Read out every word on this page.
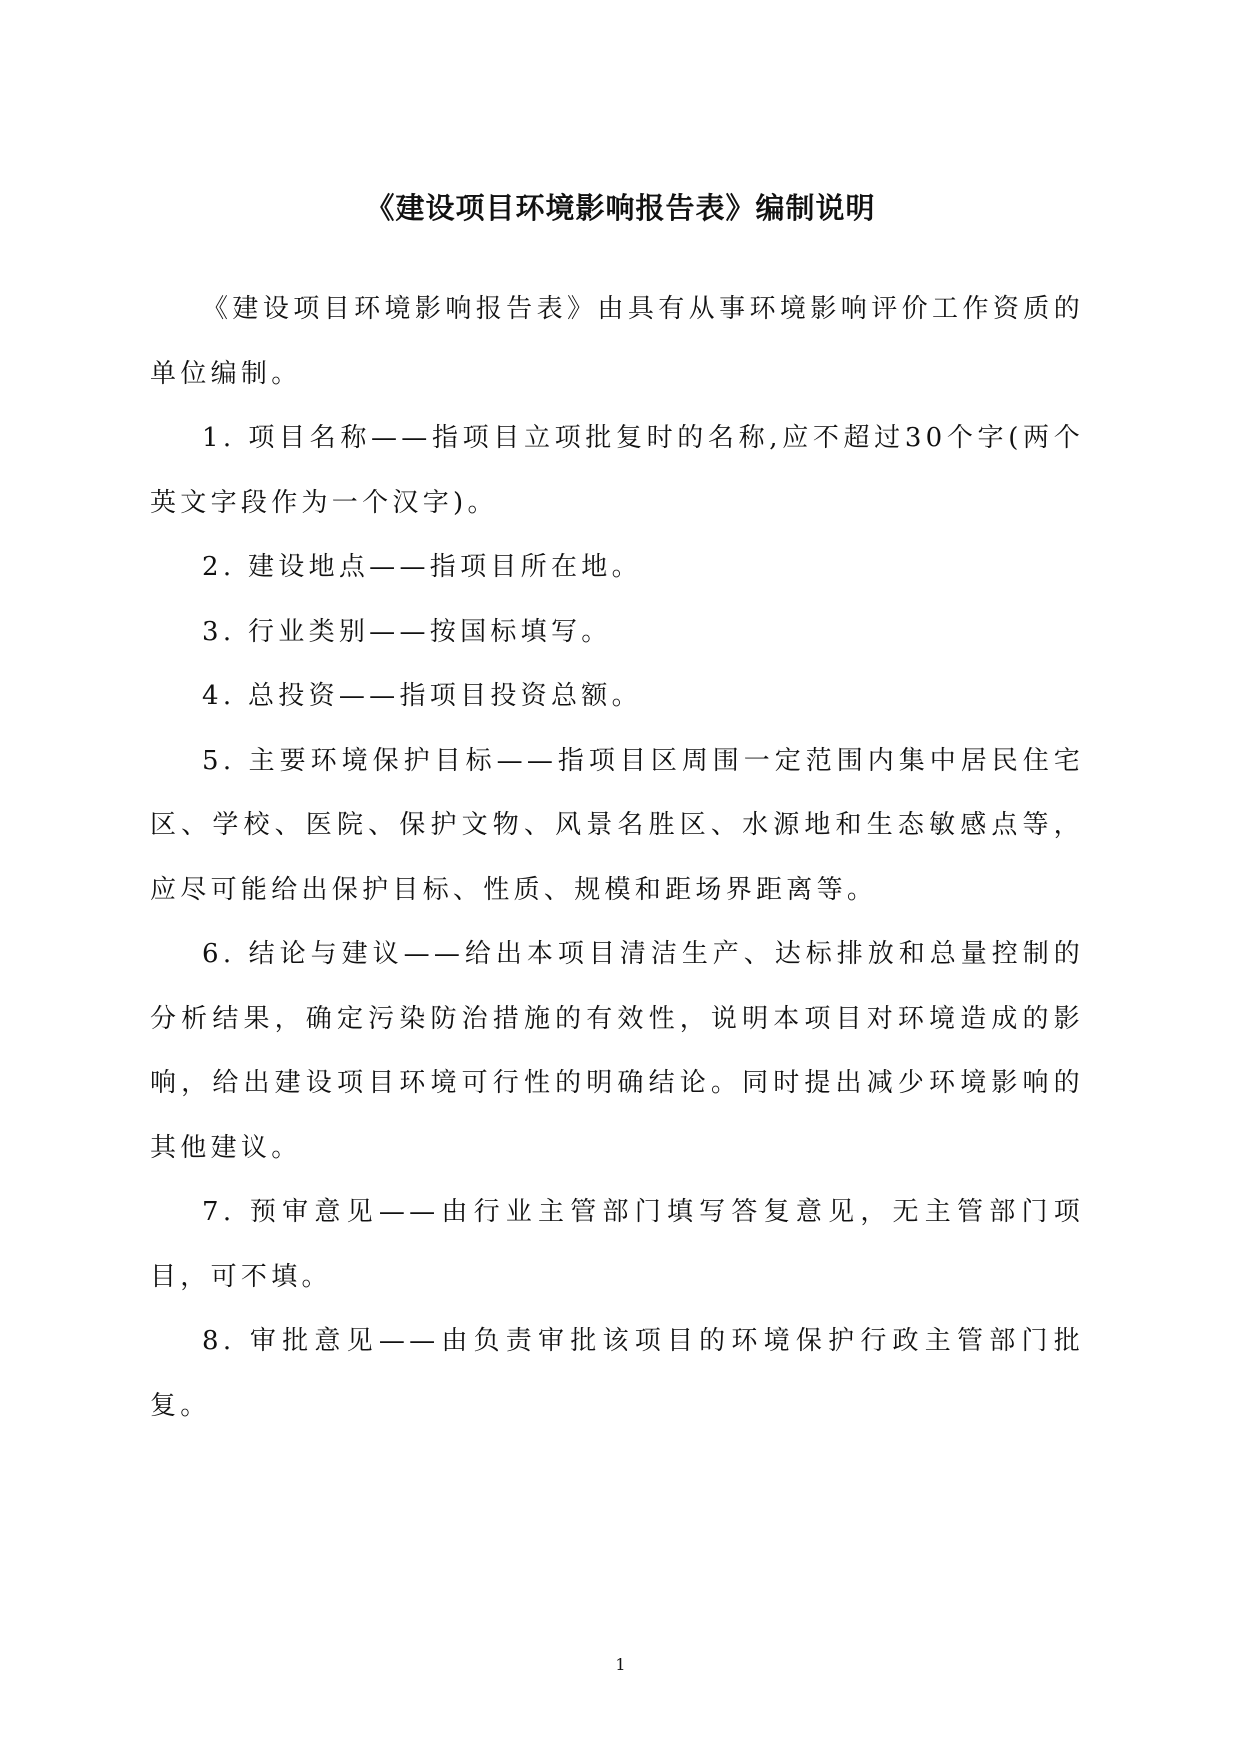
《建设项目环境影响报告表》编制说明

《建设项目环境影响报告表》由具有从事环境影响评价工作资质的单位编制。

1. 项目名称——指项目立项批复时的名称,应不超过30个字(两个英文字段作为一个汉字)。

2. 建设地点——指项目所在地。

3. 行业类别——按国标填写。

4. 总投资——指项目投资总额。

5. 主要环境保护目标——指项目区周围一定范围内集中居民住宅区、学校、医院、保护文物、风景名胜区、水源地和生态敏感点等，应尽可能给出保护目标、性质、规模和距场界距离等。

6. 结论与建议——给出本项目清洁生产、达标排放和总量控制的分析结果，确定污染防治措施的有效性，说明本项目对环境造成的影响，给出建设项目环境可行性的明确结论。同时提出减少环境影响的其他建议。

7. 预审意见——由行业主管部门填写答复意见，无主管部门项目，可不填。

8. 审批意见——由负责审批该项目的环境保护行政主管部门批复。

1
